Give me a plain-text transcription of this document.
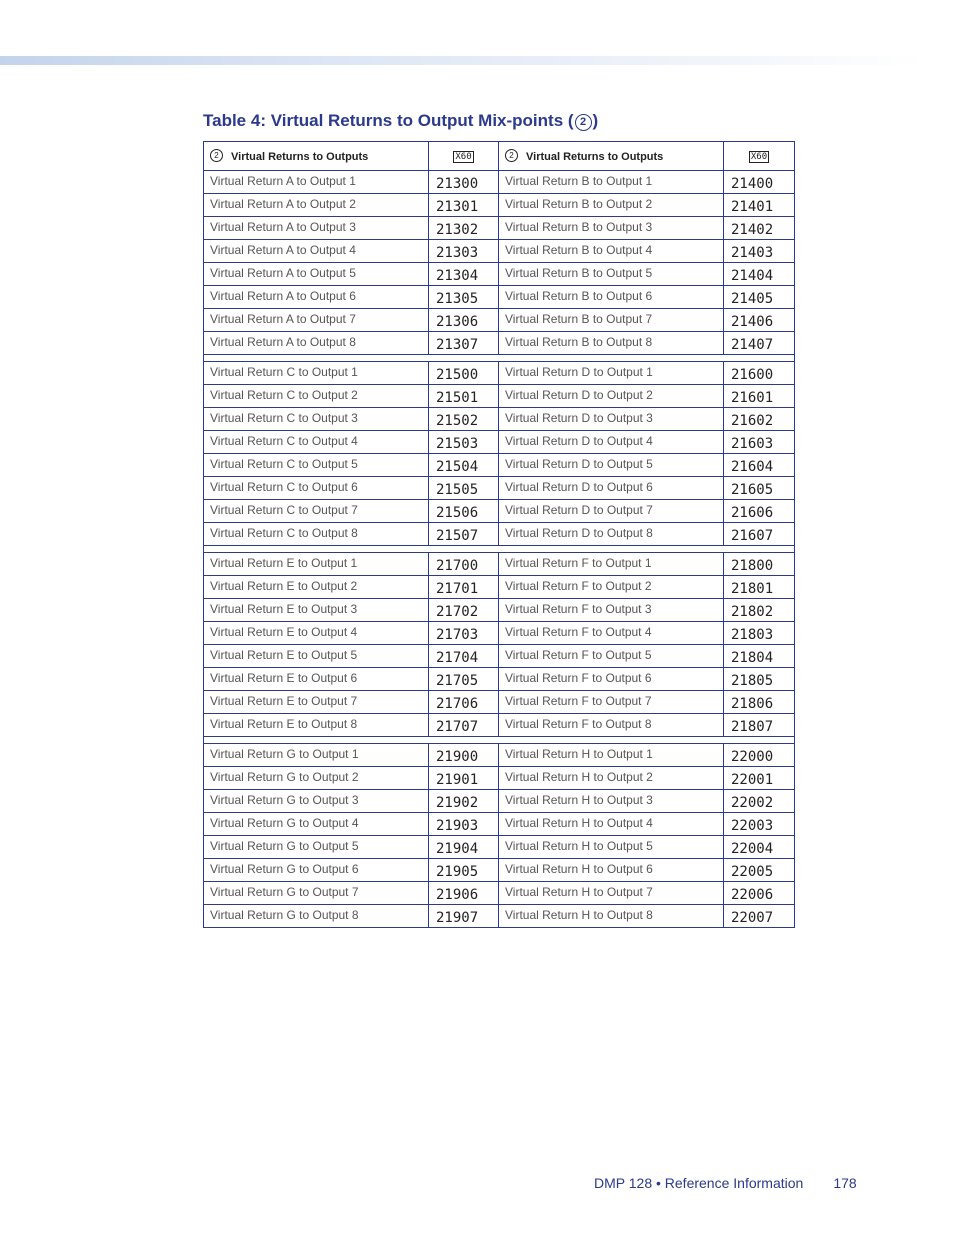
Table 4: Virtual Returns to Output Mix-points ( 2 )
2 Virtual Returns to Outputs	X60	2 Virtual Returns to Outputs	X60
Virtual Return A to Output 1	21300	Virtual Return B to Output 1	21400
Virtual Return A to Output 2	21301	Virtual Return B to Output 2	21401
Virtual Return A to Output 3	21302	Virtual Return B to Output 3	21402
Virtual Return A to Output 4	21303	Virtual Return B to Output 4	21403
Virtual Return A to Output 5	21304	Virtual Return B to Output 5	21404
Virtual Return A to Output 6	21305	Virtual Return B to Output 6	21405
Virtual Return A to Output 7	21306	Virtual Return B to Output 7	21406
Virtual Return A to Output 8	21307	Virtual Return B to Output 8	21407

Virtual Return C to Output 1	21500	Virtual Return D to Output 1	21600
Virtual Return C to Output 2	21501	Virtual Return D to Output 2	21601
Virtual Return C to Output 3	21502	Virtual Return D to Output 3	21602
Virtual Return C to Output 4	21503	Virtual Return D to Output 4	21603
Virtual Return C to Output 5	21504	Virtual Return D to Output 5	21604
Virtual Return C to Output 6	21505	Virtual Return D to Output 6	21605
Virtual Return C to Output 7	21506	Virtual Return D to Output 7	21606
Virtual Return C to Output 8	21507	Virtual Return D to Output 8	21607

Virtual Return E to Output 1	21700	Virtual Return F to Output 1	21800
Virtual Return E to Output 2	21701	Virtual Return F to Output 2	21801
Virtual Return E to Output 3	21702	Virtual Return F to Output 3	21802
Virtual Return E to Output 4	21703	Virtual Return F to Output 4	21803
Virtual Return E to Output 5	21704	Virtual Return F to Output 5	21804
Virtual Return E to Output 6	21705	Virtual Return F to Output 6	21805
Virtual Return E to Output 7	21706	Virtual Return F to Output 7	21806
Virtual Return E to Output 8	21707	Virtual Return F to Output 8	21807

Virtual Return G to Output 1	21900	Virtual Return H to Output 1	22000
Virtual Return G to Output 2	21901	Virtual Return H to Output 2	22001
Virtual Return G to Output 3	21902	Virtual Return H to Output 3	22002
Virtual Return G to Output 4	21903	Virtual Return H to Output 4	22003
Virtual Return G to Output 5	21904	Virtual Return H to Output 5	22004
Virtual Return G to Output 6	21905	Virtual Return H to Output 6	22005
Virtual Return G to Output 7	21906	Virtual Return H to Output 7	22006
Virtual Return G to Output 8	21907	Virtual Return H to Output 8	22007
DMP 128 • Reference Information 178
